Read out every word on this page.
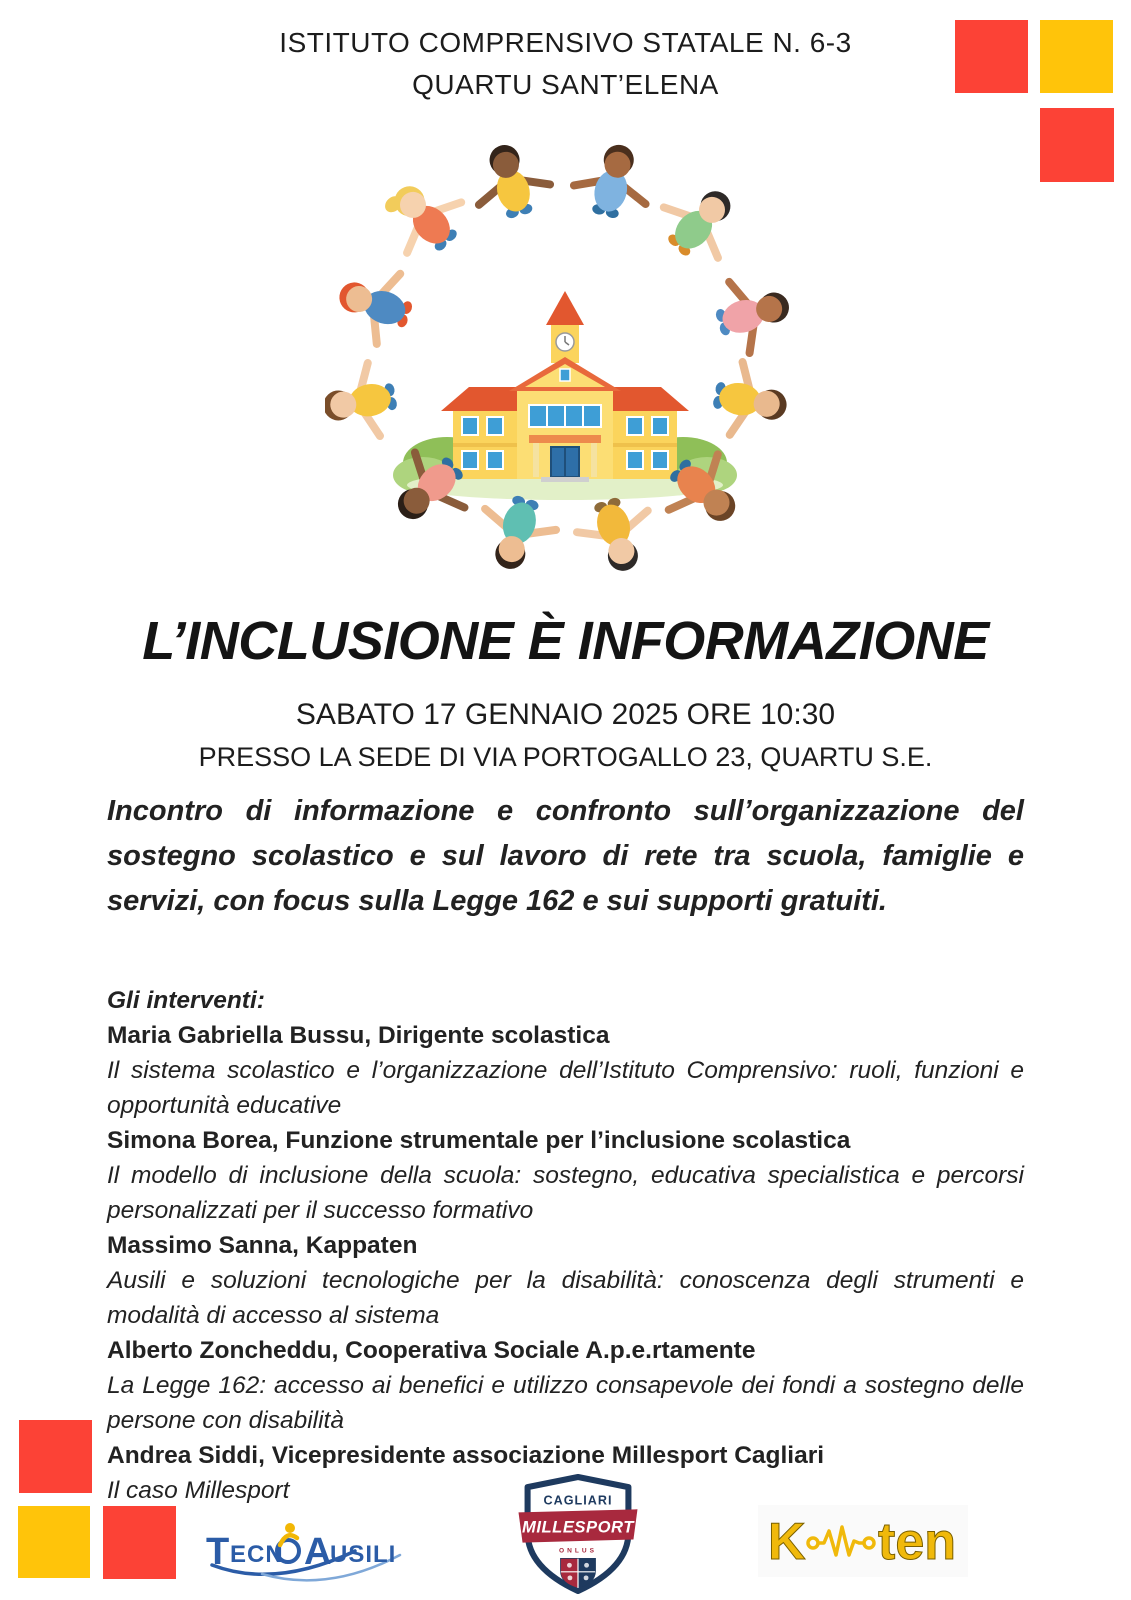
ISTITUTO COMPRENSIVO STATALE N. 6-3

QUARTU SANT’ELENA

L’INCLUSIONE È INFORMAZIONE

SABATO 17 GENNAIO 2025 ORE 10:30

PRESSO LA SEDE DI VIA PORTOGALLO 23, QUARTU S.E.

Incontro di informazione e confronto sull’organizzazione del sostegno scolastico e sul lavoro di rete tra scuola, famiglie e servizi, con focus sulla Legge 162 e sui supporti gratuiti.

Gli interventi:

Maria Gabriella Bussu, Dirigente scolastica

Il sistema scolastico e l’organizzazione dell’Istituto Comprensivo: ruoli, funzioni e opportunità educative

Simona Borea, Funzione strumentale per l’inclusione scolastica

Il modello di inclusione della scuola: sostegno, educativa specialistica e percorsi personalizzati per il successo formativo

Massimo Sanna, Kappaten

Ausili e soluzioni tecnologiche per la disabilità: conoscenza degli strumenti e modalità di accesso al sistema

Alberto Zoncheddu, Cooperativa Sociale A.p.e.rtamente

La Legge 162: accesso ai benefici e utilizzo consapevole dei fondi a sostegno delle persone con disabilità

Andrea Siddi, Vicepresidente associazione Millesport Cagliari

Il caso Millesport

T ECN A
USILI
CAGLIARI
MILLESPORT
ONLUS	K ten
